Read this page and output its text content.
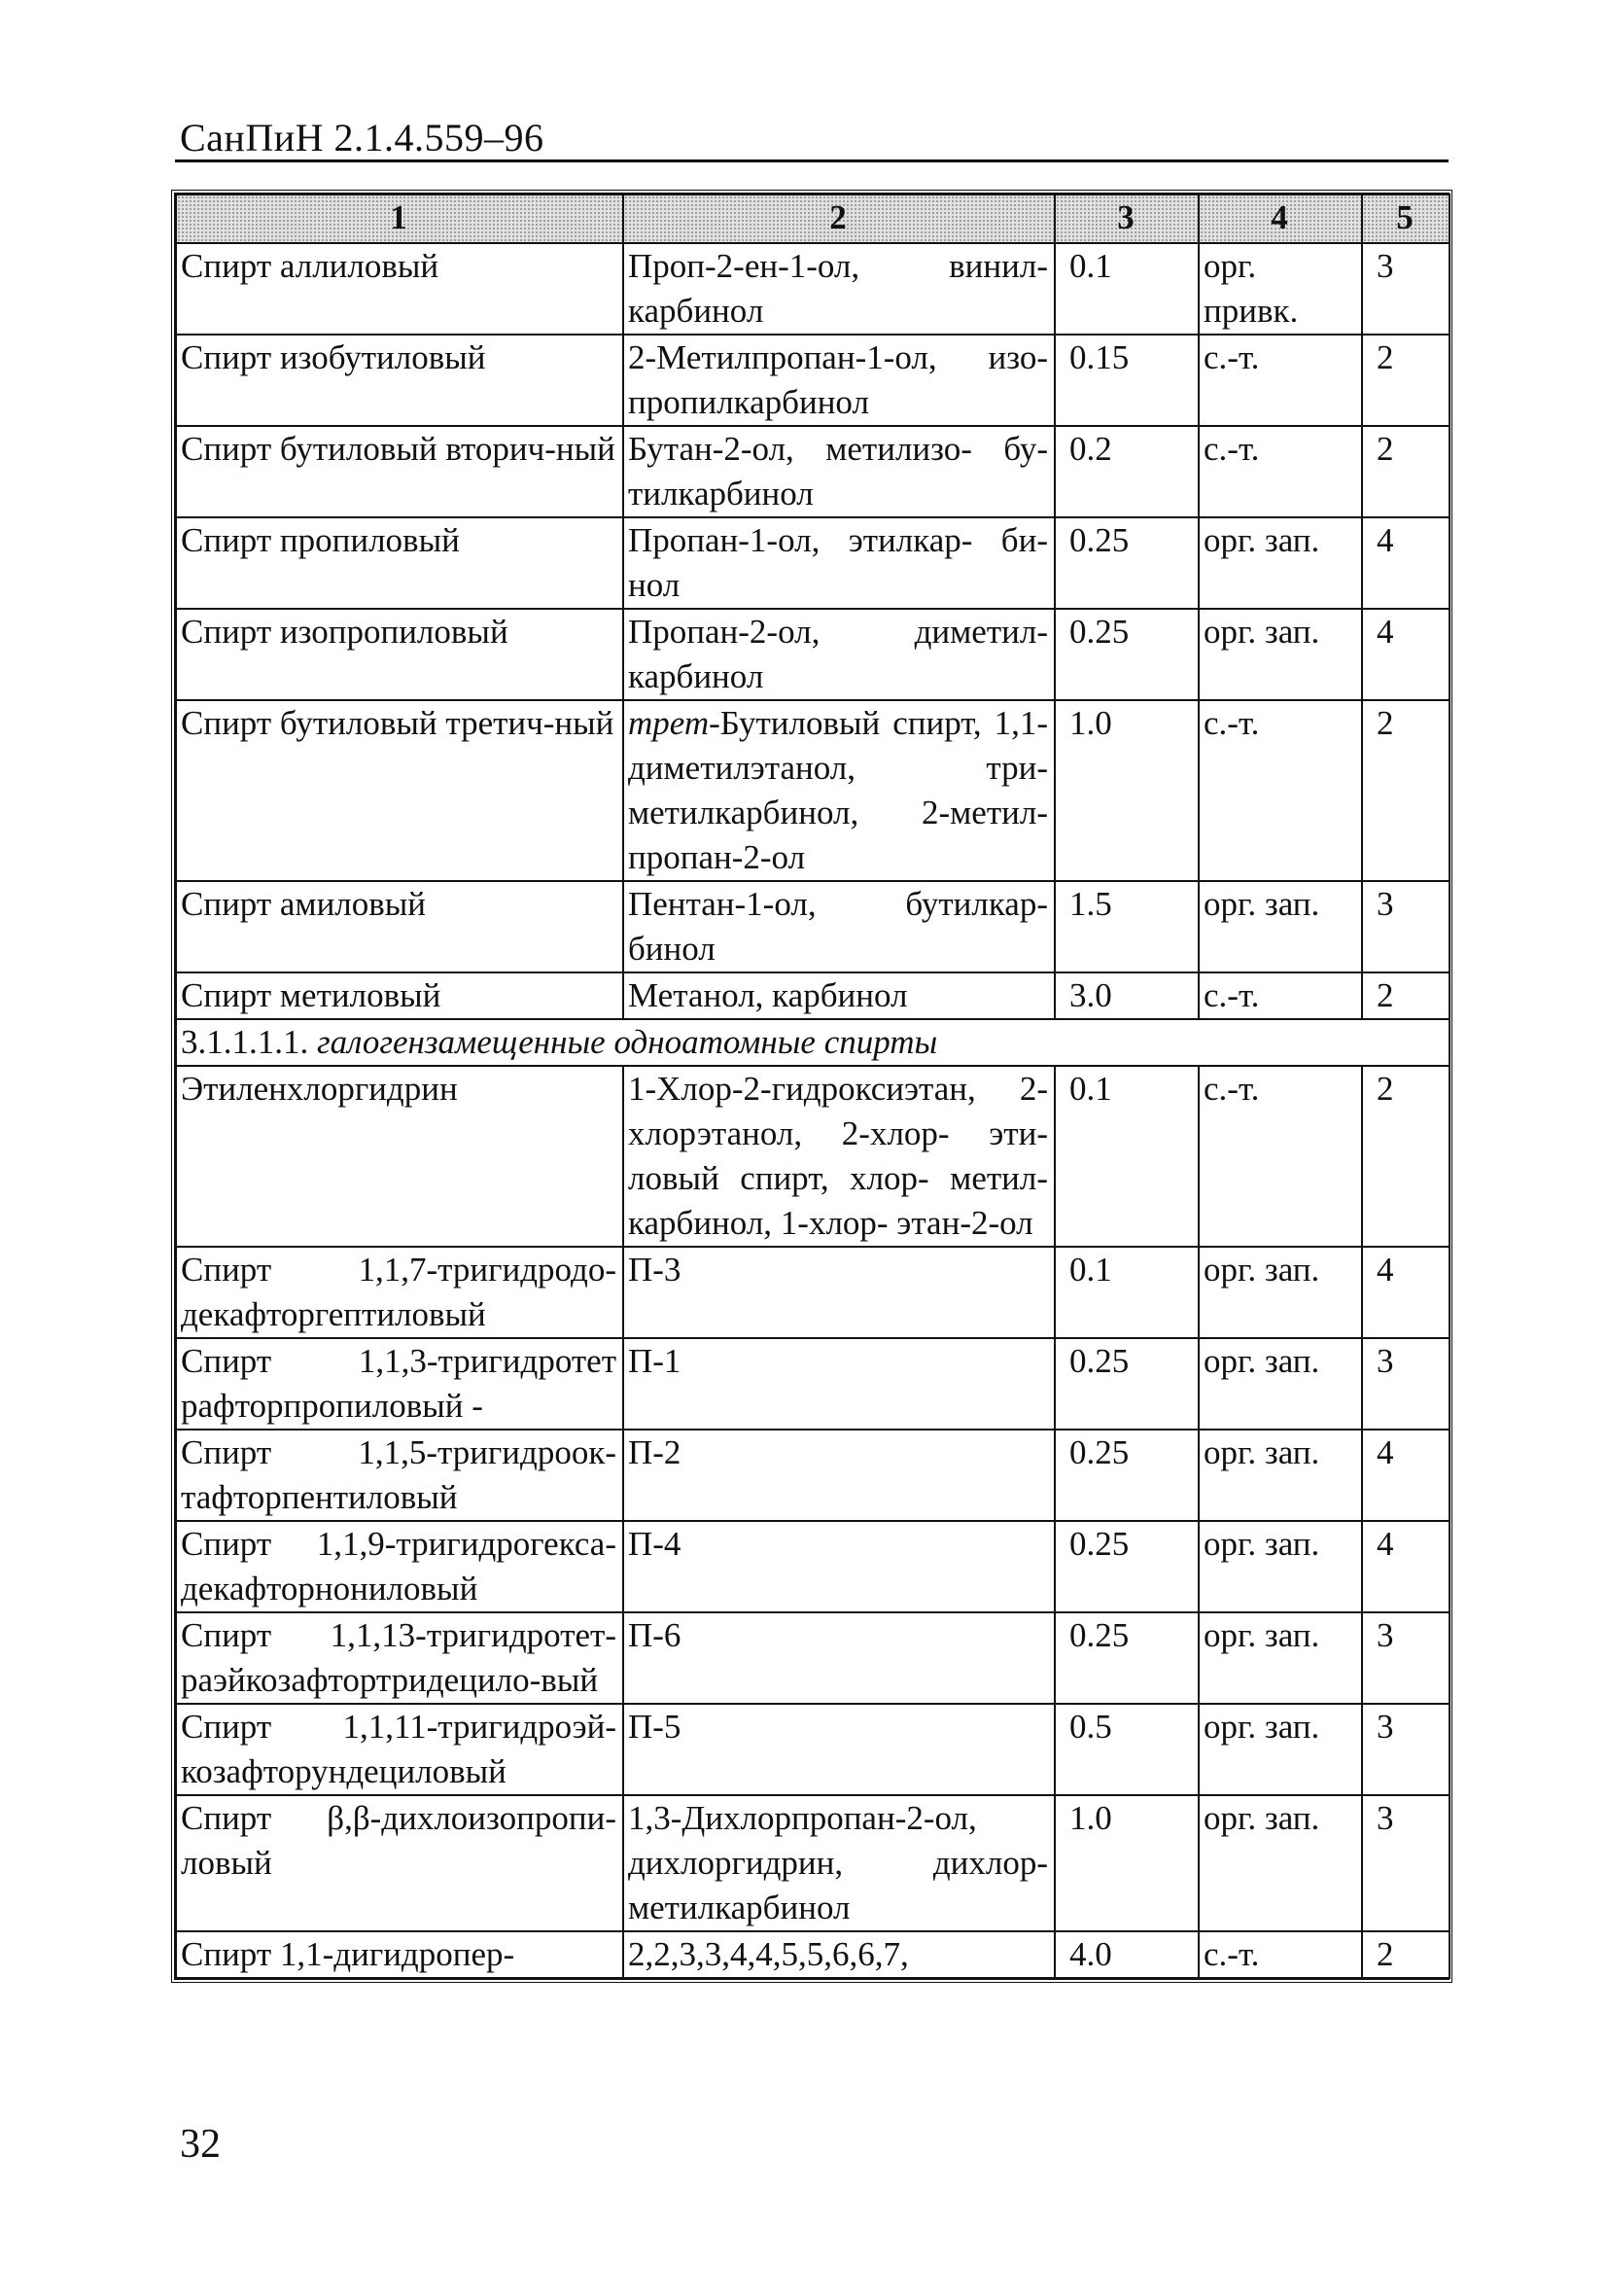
СанПиН 2.1.4.559–96
1	2	3	4	5
Спирт аллиловый	Проп-2-ен-1-ол, винил-карбинол	0.1	орг. привк.	3
Спирт изобутиловый	2-Метилпропан-1-ол, изо-пропилкарбинол	0.15	с.-т.	2
Спирт бутиловый вторич-ный	Бутан-2-ол, метилизо- бу-тилкарбинол	0.2	с.-т.	2
Спирт пропиловый	Пропан-1-ол, этилкар- би-нол	0.25	орг. зап.	4
Спирт изопропиловый	Пропан-2-ол, диметил-карбинол	0.25	орг. зап.	4
Спирт бутиловый третич-ный	трет-Бутиловый спирт, 1,1-диметилэтанол, три-метилкарбинол, 2-метил-пропан-2-ол	1.0	с.-т.	2
Спирт амиловый	Пентан-1-ол, бутилкар-бинол	1.5	орг. зап.	3
Спирт метиловый	Метанол, карбинол	3.0	с.-т.	2
3.1.1.1.1. галогензамещенные одноатомные спирты				
Этиленхлоргидрин	1-Хлор-2-гидроксиэтан, 2-хлорэтанол, 2-хлор- эти-ловый спирт, хлор- метил-карбинол, 1-хлор- этан-2-ол	0.1	с.-т.	2
Спирт 1,1,7-тригидродо-декафторгептиловый	П-3	0.1	орг. зап.	4
Спирт 1,1,3-тригидротет рафторпропиловый -	П-1	0.25	орг. зап.	3
Спирт 1,1,5-тригидроок-тафторпентиловый	П-2	0.25	орг. зап.	4
Спирт 1,1,9-тригидрогекса-декафторнониловый	П-4	0.25	орг. зап.	4
Спирт 1,1,13-тригидротет-раэйкозафтортридецило-вый	П-6	0.25	орг. зап.	3
Спирт 1,1,11-тригидроэй-козафторундециловый	П-5	0.5	орг. зап.	3
Спирт β,β-дихлоизопропи-ловый	1,3-Дихлорпропан-2-ол, дихлоргидрин, дихлор-метилкарбинол	1.0	орг. зап.	3
Спирт 1,1-дигидропер-	2,2,3,3,4,4,5,5,6,6,7,	4.0	с.-т.	2
32
